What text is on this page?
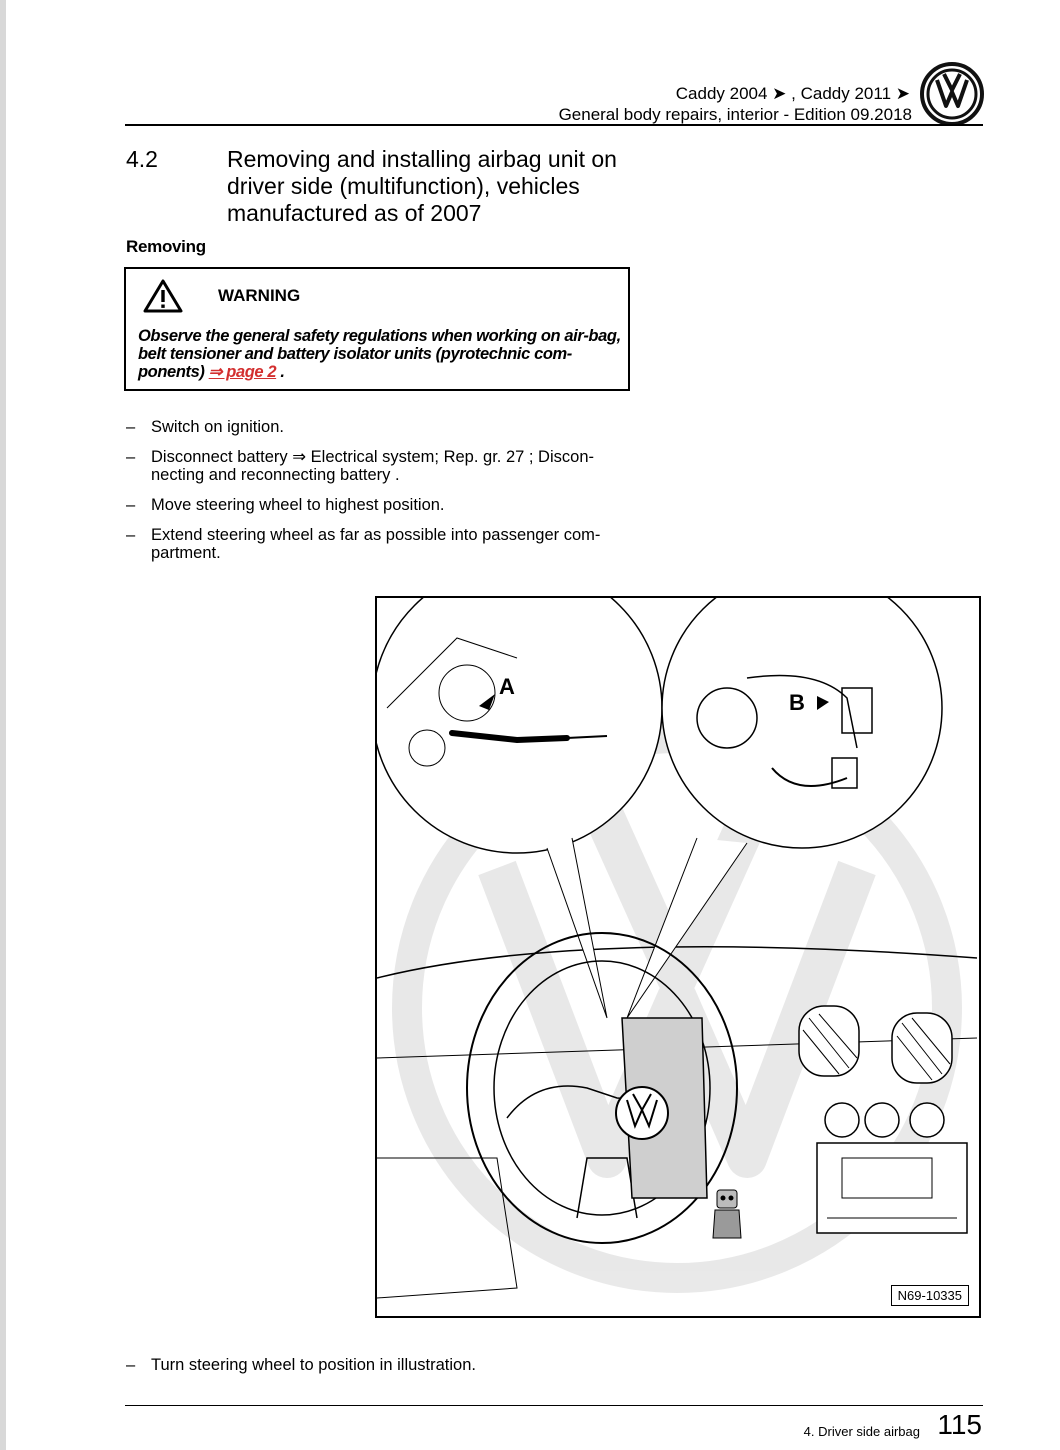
Caddy 2004 ➤ , Caddy 2011 ➤
General body repairs, interior - Edition 09.2018
4.2	Removing and installing airbag unit on driver side (multifunction), vehicles manufactured as of 2007
Removing
WARNING
Observe the general safety regulations when working on air-bag, belt tensioner and battery isolator units (pyrotechnic com-ponents) ⇒ page 2 .
– Switch on ignition.
– Disconnect battery ⇒ Electrical system; Rep. gr. 27 ; Discon-necting and reconnecting battery .
– Move steering wheel to highest position.
– Extend steering wheel as far as possible into passenger com-partment.
A
B
N69-10335
– Turn steering wheel to position in illustration.
4. Driver side airbag 115
